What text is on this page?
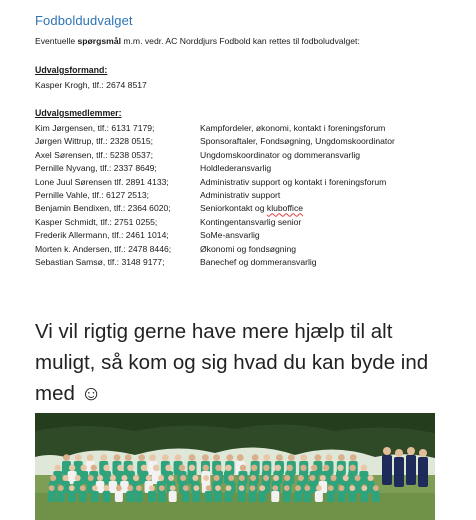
Fodboldudvalget
Eventuelle spørgsmål m.m. vedr. AC Norddjurs Fodbold kan rettes til fodboludvalget:
Udvalgsformand:
Kasper Krogh, tlf.: 2674 8517
Udvalgsmedlemmer:
Kim Jørgensen, tlf.: 6131 7179;	Kampfordeler, økonomi, kontakt i foreningsforum
Jørgen Wittrup, tlf.: 2328 0515;	Sponsoraftaler, Fondsøgning, Ungdomskoordinator
Axel Sørensen, tlf.: 5238 0537;	Ungdomskoordinator og dommeransvarlig
Pernille Nyvang, tlf.: 2337 8649;	Holdlederansvarlig
Lone Juul Sørensen tlf. 2891 4133;	Administrativ support og kontakt i foreningsforum
Pernille Vahle, tlf.: 6127 2513;	Administrativ support
Benjamin Bendixen, tlf.: 2364 6020;	Seniorkontakt og kluboffice
Kasper Schmidt, tlf.: 2751 0255;	Kontingentansvarlig senior
Frederik Allermann, tlf.: 2461 1014;	SoMe-ansvarlig
Morten k. Andersen, tlf.: 2478 8446;	Økonomi og fondsøgning
Sebastian Samsø, tlf.: 3148 9177;	Banechef og dommeransvarlig
Vi vil rigtig gerne have mere hjælp til alt muligt, så kom og sig hvad du kan byde ind med ☺
